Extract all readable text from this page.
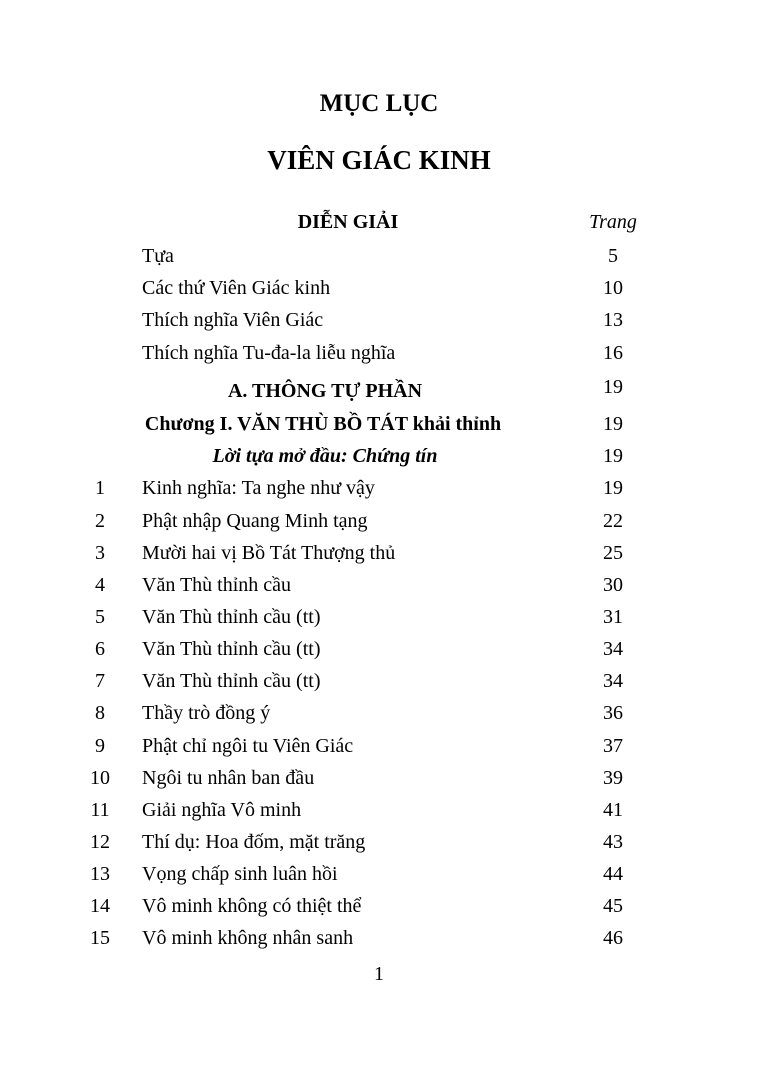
MỤC LỤC
VIÊN GIÁC KINH
DIỄN GIẢI	Trang
Tựa	5
Các thứ Viên Giác kinh	10
Thích nghĩa Viên Giác	13
Thích nghĩa Tu-đa-la liễu nghĩa	16
A. THÔNG TỰ PHẦN	19
Chương I. VĂN THÙ BỒ TÁT khải thỉnh	19
Lời tựa mở đầu: Chứng tín	19
1	Kinh nghĩa: Ta nghe như vậy	19
2	Phật nhập Quang Minh tạng	22
3	Mười hai vị Bồ Tát Thượng thủ	25
4	Văn Thù thỉnh cầu	30
5	Văn Thù thỉnh cầu (tt)	31
6	Văn Thù thỉnh cầu (tt)	34
7	Văn Thù thỉnh cầu (tt)	34
8	Thầy trò đồng ý	36
9	Phật chỉ ngôi tu Viên Giác	37
10	Ngôi tu nhân ban đầu	39
11	Giải nghĩa Vô minh	41
12	Thí dụ: Hoa đốm, mặt trăng	43
13	Vọng chấp sinh luân hồi	44
14	Vô minh không có thiệt thể	45
15	Vô minh không nhân sanh	46
1
